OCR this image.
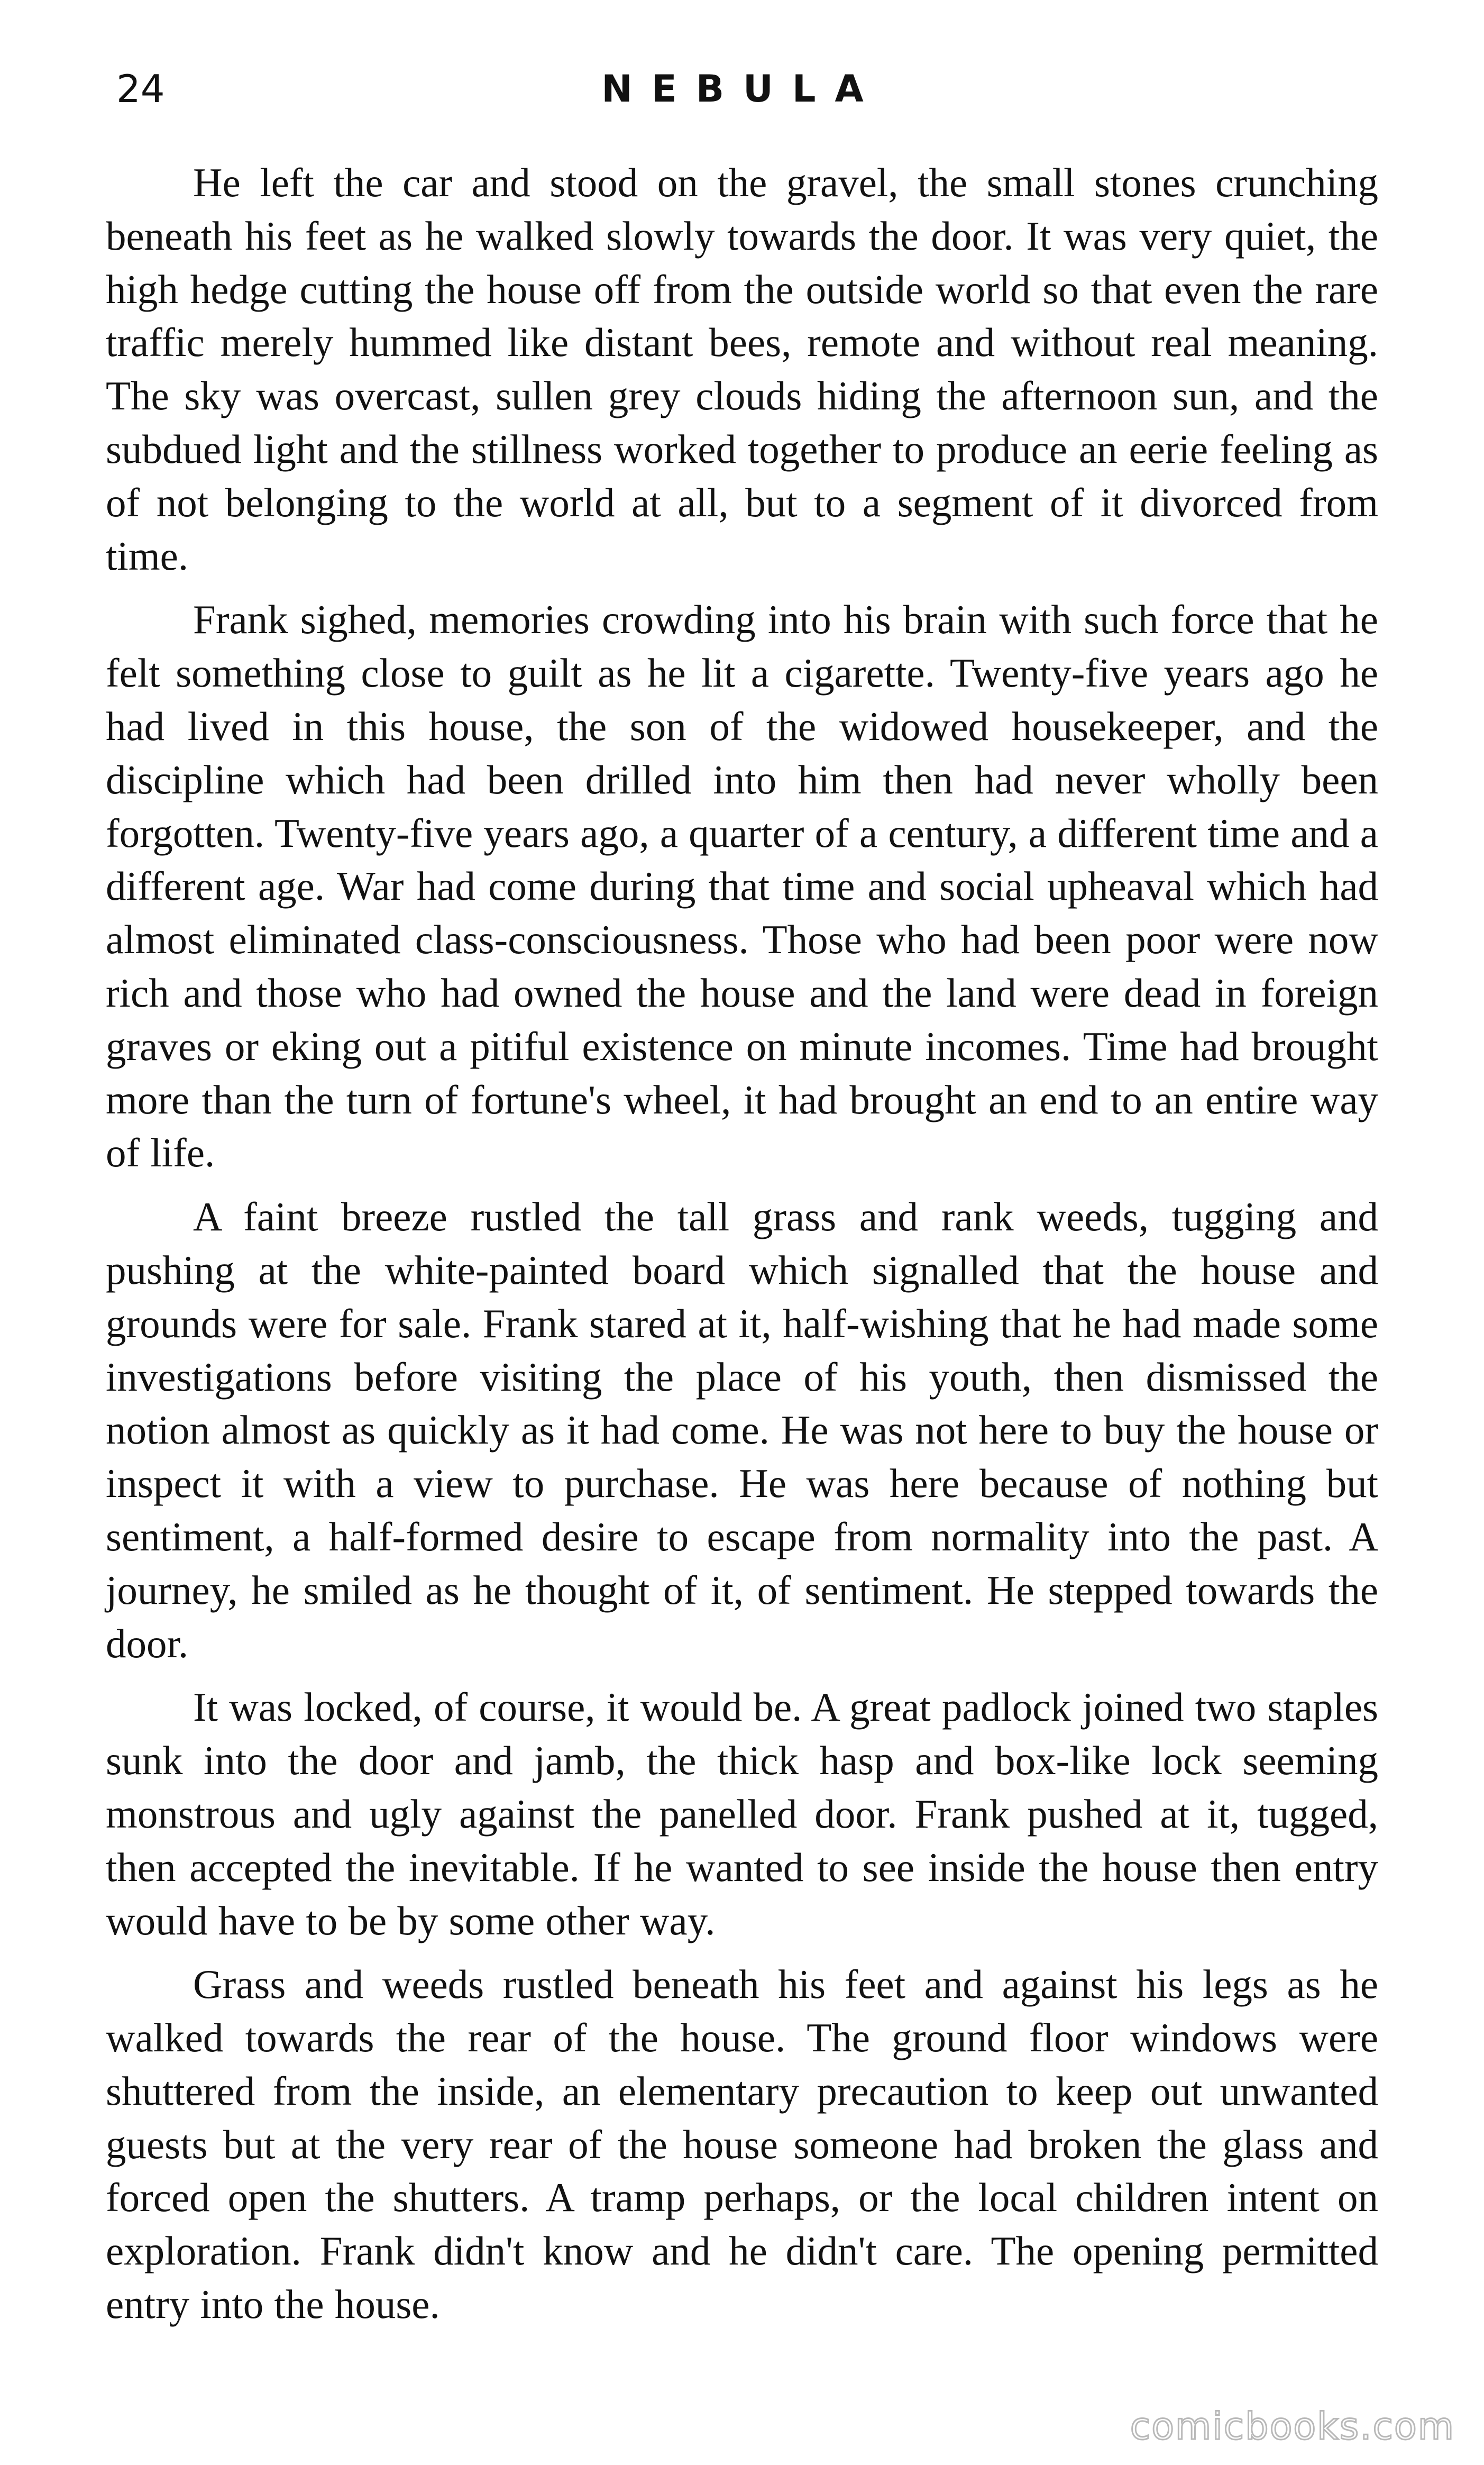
24	NEBULA

He left the car and stood on the gravel, the small stones crunching beneath his feet as he walked slowly towards the door. It was very quiet, the high hedge cutting the house off from the outside world so that even the rare traffic merely hummed like distant bees, remote and without real meaning. The sky was overcast, sullen grey clouds hiding the afternoon sun, and the subdued light and the stillness worked together to produce an eerie feeling as of not belonging to the world at all, but to a segment of it divorced from time.

Frank sighed, memories crowding into his brain with such force that he felt something close to guilt as he lit a cigarette. Twenty-five years ago he had lived in this house, the son of the widowed housekeeper, and the discipline which had been drilled into him then had never wholly been forgotten. Twenty-five years ago, a quarter of a century, a different time and a different age. War had come during that time and social upheaval which had almost eliminated class-consciousness. Those who had been poor were now rich and those who had owned the house and the land were dead in foreign graves or eking out a pitiful existence on minute incomes. Time had brought more than the turn of fortune's wheel, it had brought an end to an entire way of life.

A faint breeze rustled the tall grass and rank weeds, tugging and pushing at the white-painted board which signalled that the house and grounds were for sale. Frank stared at it, half-wishing that he had made some investigations before visiting the place of his youth, then dismissed the notion almost as quickly as it had come. He was not here to buy the house or inspect it with a view to purchase. He was here because of nothing but sentiment, a half-formed desire to escape from normality into the past. A journey, he smiled as he thought of it, of sentiment. He stepped towards the door.

It was locked, of course, it would be. A great padlock joined two staples sunk into the door and jamb, the thick hasp and box-like lock seeming monstrous and ugly against the panelled door. Frank pushed at it, tugged, then accepted the inevitable. If he wanted to see inside the house then entry would have to be by some other way.

Grass and weeds rustled beneath his feet and against his legs as he walked towards the rear of the house. The ground floor windows were shuttered from the inside, an elementary precaution to keep out unwanted guests but at the very rear of the house someone had broken the glass and forced open the shutters. A tramp perhaps, or the local children intent on exploration. Frank didn't know and he didn't care. The opening permitted entry into the house.

comicbooks.com
